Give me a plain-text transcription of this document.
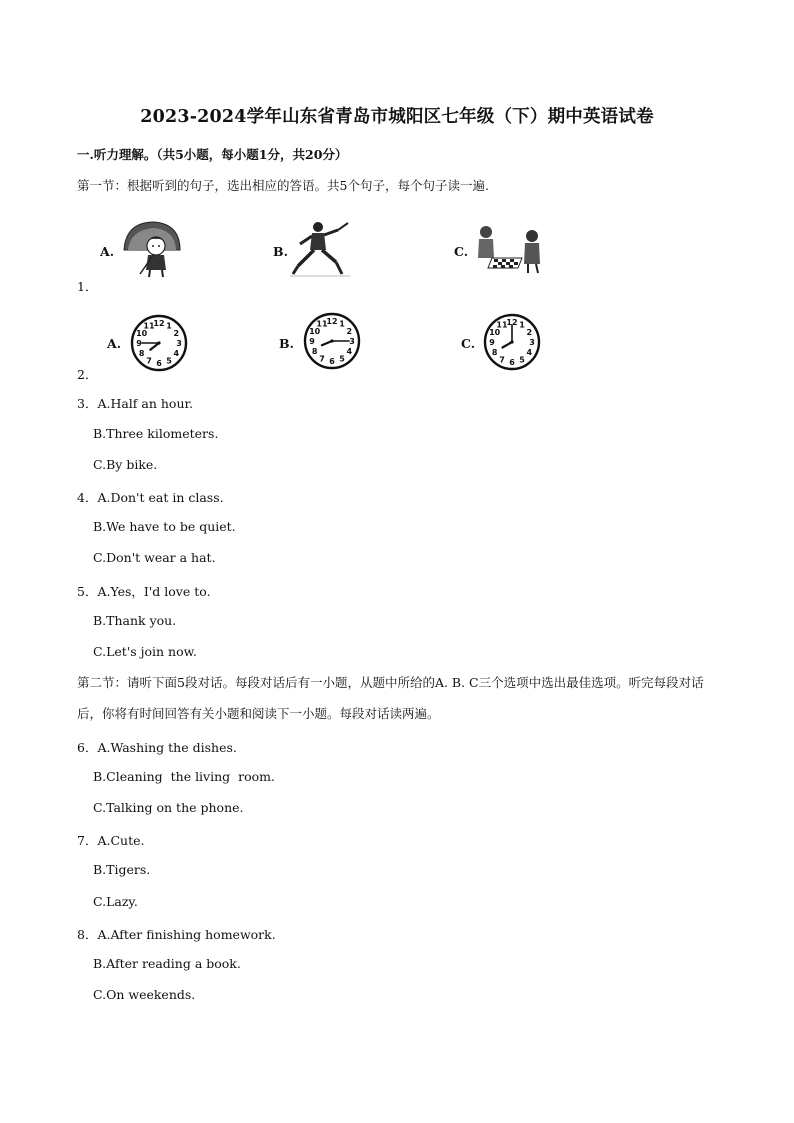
2023-2024学年山东省青岛市城阳区七年级（下）期中英语试卷
一.听力理解。（共5小题，每小题1分，共20分）
第一节：根据听到的句子，选出相应的答语。共5个句子，每个句子读一遍.
A.	B.	C.
1．
A.
1
2
3
4
5
6
7
8
9
10
11
12
B.
1
2
3
4
5
6
7
8
9
10
11
12
C.
1
2
3
4
5
6
7
8
9
10
11
12
2．
3．A.Half an hour.
B.Three kilometers.
C.By bike.
4．A.Don't eat in class.
B.We have to be quiet.
C.Don't wear a hat.
5．A.Yes，I'd love to.
B.Thank you.
C.Let's join now.
第二节：请听下面5段对话。每段对话后有一小题，从题中所给的A. B. C三个选项中选出最佳选项。听完每段对话后，你将有时间回答有关小题和阅读下一小题。每段对话读两遍。
6．A.Washing the dishes.
B.Cleaning  the living  room.
C.Talking on the phone.
7．A.Cute.
B.Tigers.
C.Lazy.
8．A.After finishing homework.
B.After reading a book.
C.On weekends.
